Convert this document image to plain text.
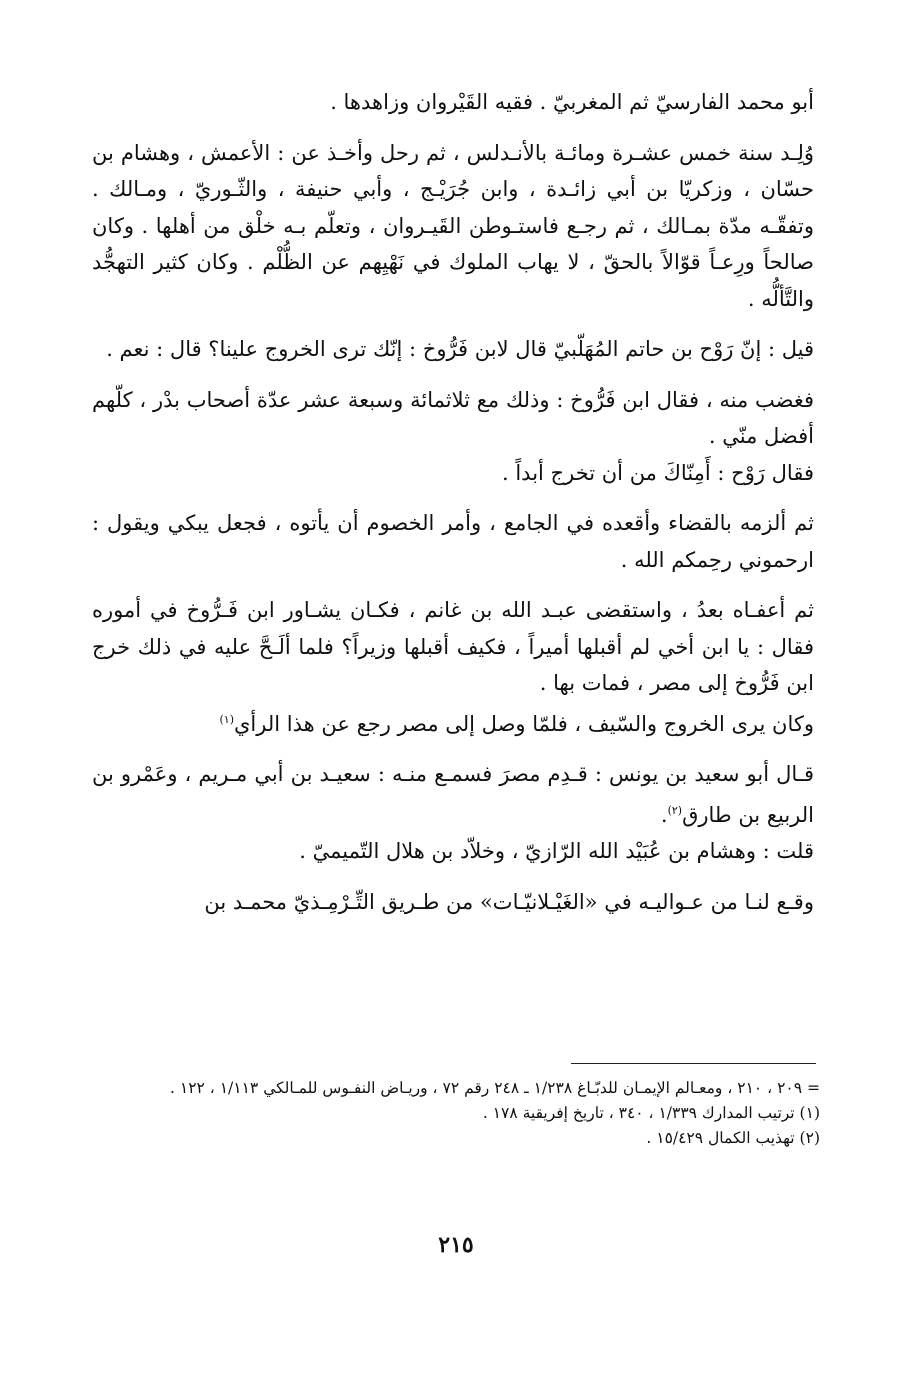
أبو محمد الفارسيّ ثم المغربيّ . فقيه القَيْروان وزاهدها .

وُلِـد سنة خمس عشـرة ومائـة بالأنـدلس ، ثم رحل وأخـذ عن : الأعمش ، وهشام بن حسّان ، وزكريّا بن أبي زائـدة ، وابن جُرَيْـج ، وأبي حنيفة ، والثّـوريّ ، ومـالك . وتفقّـه مدّة بمـالك ، ثم رجـع فاستـوطن القَيـروان ، وتعلّم بـه خلْق من أهلها . وكان صالحاً ورِعـاً قوّالاً بالحقّ ، لا يهاب الملوك في نَهْيِهم عن الظُّلْم . وكان كثير التهجُّد والتَّألُّه .

قيل : إنّ رَوْح بن حاتم المُهَلّبيّ قال لابن فَرُّوخ : إنّك ترى الخروج علينا؟ قال : نعم .

فغضب منه ، فقال ابن فَرُّوخ : وذلك مع ثلاثمائة وسبعة عشر عدّة أصحاب بدْر ، كلّهم أفضل منّي .

فقال رَوْح : أَمِنّاكَ من أن تخرج أبداً .

ثم ألزمه بالقضاء وأقعده في الجامع ، وأمر الخصوم أن يأتوه ، فجعل يبكي ويقول : ارحموني رحِمكم الله .

ثم أعفـاه بعدُ ، واستقضى عبـد الله بن غانم ، فكـان يشـاور ابن فَـرُّوخ في أموره فقال : يا ابن أخي لم أقبلها أميراً ، فكيف أقبلها وزيراً؟ فلما ألَـحَّ عليه في ذلك خرج ابن فَرُّوخ إلى مصر ، فمات بها .

وكان يرى الخروج والسّيف ، فلمّا وصل إلى مصر رجع عن هذا الرأي$^{(١)}$

قـال أبو سعيد بن يونس : قـدِم مصرَ فسمـع منـه : سعيـد بن أبي مـريم ، وعَمْرو بن الربيع بن طارق$^{(٢)}$.

قلت : وهشام بن عُبَيْد الله الرّازيّ ، وخلاّد بن هلال التّميميّ .

وقـع لنـا من عـواليـه في «الغَيْـلانيّـات» من طـريق التِّـرْمِـذيّ محمـد بن

= ٢٠٩ ، ٢١٠ ، ومعـالم الإيمـان للدبّـاغ ١/٢٣٨ ـ ٢٤٨ رقم ٧٢ ، وريـاض النفـوس للمـالكي ١/١١٣ ، ١٢٢ .

(١) ترتيب المدارك ١/٣٣٩ ، ٣٤٠ ، تاريخ إفريقية ١٧٨ .

(٢) تهذيب الكمال ١٥/٤٢٩ .

٢١٥
